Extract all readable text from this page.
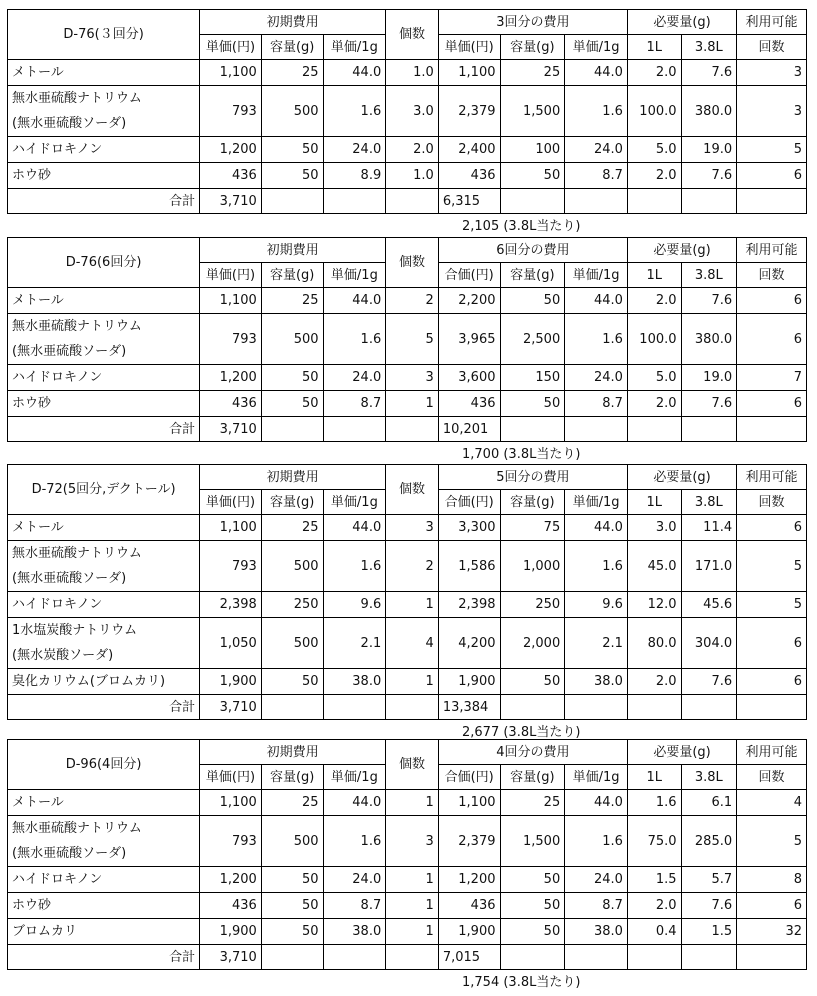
D-76(３回分)	初期費用			個数	3回分の費用			必要量(g)		利用可能
	単価(円)	容量(g)	単価/1g		単価(円)	容量(g)	単価/1g	1L	3.8L	回数

メトール	1,100	25	44.0	1.0	1,100	25	44.0	2.0	7.6	3

無水亜硫酸ナトリウム
(無水亜硫酸ソーダ)	793	500	1.6	3.0	2,379	1,500	1.6	100.0	380.0	3

ハイドロキノン	1,200	50	24.0	2.0	2,400	100	24.0	5.0	19.0	5

ホウ砂	436	50	8.9	1.0	436	50	8.7	2.0	7.6	6
合計	3,710				6,315					
2,105 (3.8L当たり)
D-76(6回分)	初期費用			個数	6回分の費用			必要量(g)		利用可能
	単価(円)	容量(g)	単価/1g		合価(円)	容量(g)	単価/1g	1L	3.8L	回数

メトール	1,100	25	44.0	2	2,200	50	44.0	2.0	7.6	6

無水亜硫酸ナトリウム
(無水亜硫酸ソーダ)	793	500	1.6	5	3,965	2,500	1.6	100.0	380.0	6

ハイドロキノン	1,200	50	24.0	3	3,600	150	24.0	5.0	19.0	7

ホウ砂	436	50	8.7	1	436	50	8.7	2.0	7.6	6
合計	3,710				10,201					
1,700 (3.8L当たり)
D-72(5回分,デクトール)	初期費用			個数	5回分の費用			必要量(g)		利用可能
	単価(円)	容量(g)	単価/1g		合価(円)	容量(g)	単価/1g	1L	3.8L	回数

メトール	1,100	25	44.0	3	3,300	75	44.0	3.0	11.4	6

無水亜硫酸ナトリウム
(無水亜硫酸ソーダ)	793	500	1.6	2	1,586	1,000	1.6	45.0	171.0	5

ハイドロキノン	2,398	250	9.6	1	2,398	250	9.6	12.0	45.6	5

1水塩炭酸ナトリウム
(無水炭酸ソーダ)	1,050	500	2.1	4	4,200	2,000	2.1	80.0	304.0	6

臭化カリウム(ブロムカリ)	1,900	50	38.0	1	1,900	50	38.0	2.0	7.6	6
合計	3,710				13,384					
2,677 (3.8L当たり)
D-96(4回分)	初期費用			個数	4回分の費用			必要量(g)		利用可能
	単価(円)	容量(g)	単価/1g		合価(円)	容量(g)	単価/1g	1L	3.8L	回数

メトール	1,100	25	44.0	1	1,100	25	44.0	1.6	6.1	4

無水亜硫酸ナトリウム
(無水亜硫酸ソーダ)	793	500	1.6	3	2,379	1,500	1.6	75.0	285.0	5

ハイドロキノン	1,200	50	24.0	1	1,200	50	24.0	1.5	5.7	8

ホウ砂	436	50	8.7	1	436	50	8.7	2.0	7.6	6

ブロムカリ	1,900	50	38.0	1	1,900	50	38.0	0.4	1.5	32
合計	3,710				7,015					
1,754 (3.8L当たり)
